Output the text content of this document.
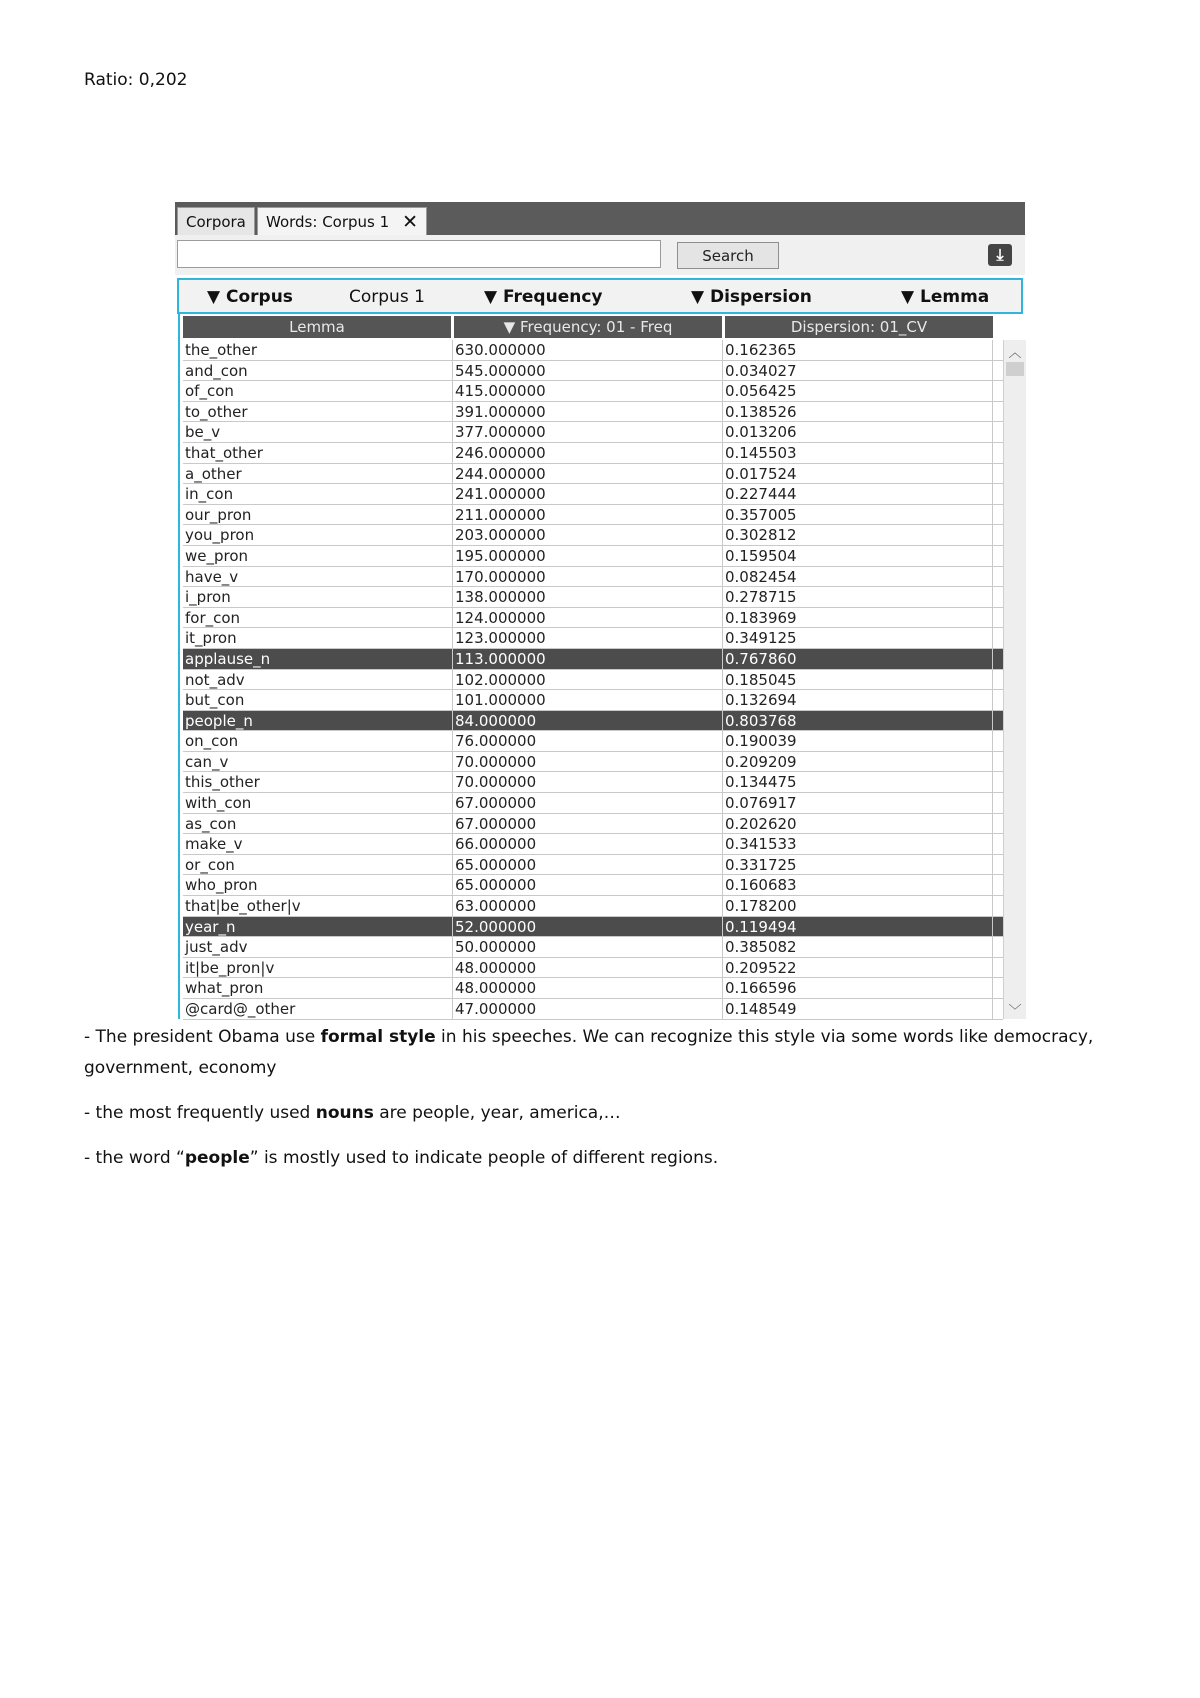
Ratio: 0,202
Corpora	Words: Corpus 1 ✕
Search	⤓
▼ Corpus	Corpus 1	▼ Frequency	▼ Dispersion	▼ Lemma
Lemma	▼ Frequency: 01 - Freq	Dispersion: 01_CV
the_other	630.000000	0.162365
and_con	545.000000	0.034027
of_con	415.000000	0.056425
to_other	391.000000	0.138526
be_v	377.000000	0.013206
that_other	246.000000	0.145503
a_other	244.000000	0.017524
in_con	241.000000	0.227444
our_pron	211.000000	0.357005
you_pron	203.000000	0.302812
we_pron	195.000000	0.159504
have_v	170.000000	0.082454
i_pron	138.000000	0.278715
for_con	124.000000	0.183969
it_pron	123.000000	0.349125
applause_n	113.000000	0.767860
not_adv	102.000000	0.185045
but_con	101.000000	0.132694
people_n	84.000000	0.803768
on_con	76.000000	0.190039
can_v	70.000000	0.209209
this_other	70.000000	0.134475
with_con	67.000000	0.076917
as_con	67.000000	0.202620
make_v	66.000000	0.341533
or_con	65.000000	0.331725
who_pron	65.000000	0.160683
that|be_other|v	63.000000	0.178200
year_n	52.000000	0.119494
just_adv	50.000000	0.385082
it|be_pron|v	48.000000	0.209522
what_pron	48.000000	0.166596
@card@_other	47.000000	0.148549
︿
﹀

- The president Obama use formal style in his speeches. We can recognize this style via some words like democracy, government, economy

- the most frequently used nouns are people, year, america,…

- the word “people” is mostly used to indicate people of different regions.
